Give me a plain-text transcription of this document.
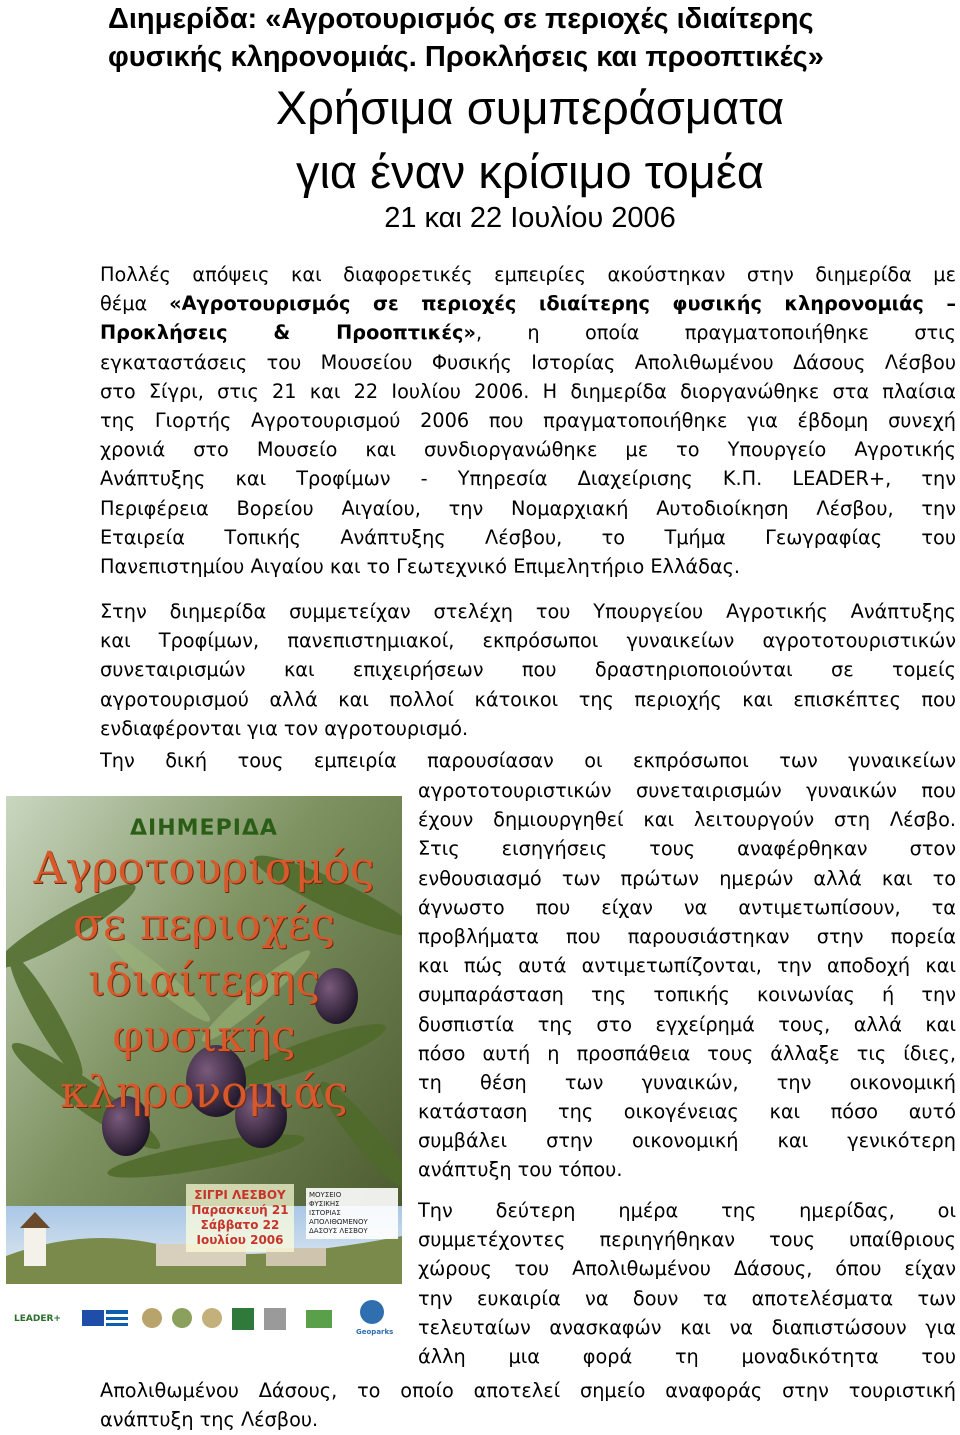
Διημερίδα: «Αγροτουρισμός σε περιοχές ιδιαίτερης
φυσικής κληρονομιάς. Προκλήσεις και προοπτικές»
Χρήσιμα συμπεράσματα
για έναν κρίσιμο τομέα
21 και 22 Ιουλίου 2006
Πολλές απόψεις και διαφορετικές εμπειρίες ακούστηκαν στην διημερίδα με
θέμα «Αγροτουρισμός σε περιοχές ιδιαίτερης φυσικής κληρονομιάς –
Προκλήσεις & Προοπτικές», η οποία πραγματοποιήθηκε στις
εγκαταστάσεις του Μουσείου Φυσικής Ιστορίας Απολιθωμένου Δάσους Λέσβου
στο Σίγρι, στις 21 και 22 Ιουλίου 2006. Η διημερίδα διοργανώθηκε στα πλαίσια
της Γιορτής Αγροτουρισμού 2006 που πραγματοποιήθηκε για έβδομη συνεχή
χρονιά στο Μουσείο και συνδιοργανώθηκε με το Υπουργείο Αγροτικής
Ανάπτυξης και Τροφίμων - Υπηρεσία Διαχείρισης Κ.Π. LEADER+, την
Περιφέρεια Βορείου Αιγαίου, την Νομαρχιακή Αυτοδιοίκηση Λέσβου, την
Εταιρεία Τοπικής Ανάπτυξης Λέσβου, το Τμήμα Γεωγραφίας του
Πανεπιστημίου Αιγαίου και το Γεωτεχνικό Επιμελητήριο Ελλάδας.
Στην διημερίδα συμμετείχαν στελέχη του Υπουργείου Αγροτικής Ανάπτυξης
και Τροφίμων, πανεπιστημιακοί, εκπρόσωποι γυναικείων αγροτοτουριστικών
συνεταιρισμών και επιχειρήσεων που δραστηριοποιούνται σε τομείς
αγροτουρισμού αλλά και πολλοί κάτοικοι της περιοχής και επισκέπτες που
ενδιαφέρονται για τον αγροτουρισμό.
Την δική τους εμπειρία παρουσίασαν οι εκπρόσωποι των γυναικείων
αγροτοτουριστικών συνεταιρισμών γυναικών που
έχουν δημιουργηθεί και λειτουργούν στη Λέσβο.
Στις εισηγήσεις τους αναφέρθηκαν στον
ενθουσιασμό των πρώτων ημερών αλλά και το
άγνωστο που είχαν να αντιμετωπίσουν, τα
προβλήματα που παρουσιάστηκαν στην πορεία
και πώς αυτά αντιμετωπίζονται, την αποδοχή και
συμπαράσταση της τοπικής κοινωνίας ή την
δυσπιστία της στο εγχείρημά τους, αλλά και
πόσο αυτή η προσπάθεια τους άλλαξε τις ίδιες,
τη θέση των γυναικών, την οικονομική
κατάσταση της οικογένειας και πόσο αυτό
συμβάλει στην οικονομική και γενικότερη
ανάπτυξη του τόπου.
Την δεύτερη ημέρα της ημερίδας, οι
συμμετέχοντες περιηγήθηκαν τους υπαίθριους
χώρους του Απολιθωμένου Δάσους, όπου είχαν
την ευκαιρία να δουν τα αποτελέσματα των
τελευταίων ανασκαφών και να διαπιστώσουν για
άλλη μια φορά τη μοναδικότητα του
Απολιθωμένου Δάσους, το οποίο αποτελεί σημείο αναφοράς στην τουριστική
ανάπτυξη της Λέσβου.
ΔΙΗΜΕΡΙΔΑ
Αγροτουρισμός
σε περιοχές
ιδιαίτερης
φυσικής
κληρονομιάς
ΣΙΓΡΙ ΛΕΣΒΟΥ
Παρασκευή 21
Σάββατο 22
Ιουλίου 2006
ΜΟΥΣΕΙΟ
ΦΥΣΙΚΗΣ
ΙΣΤΟΡΙΑΣ
ΑΠΟΛΙΘΩΜΕΝΟΥ
ΔΑΣΟΥΣ ΛΕΣΒΟΥ
LEADER+
Geoparks
